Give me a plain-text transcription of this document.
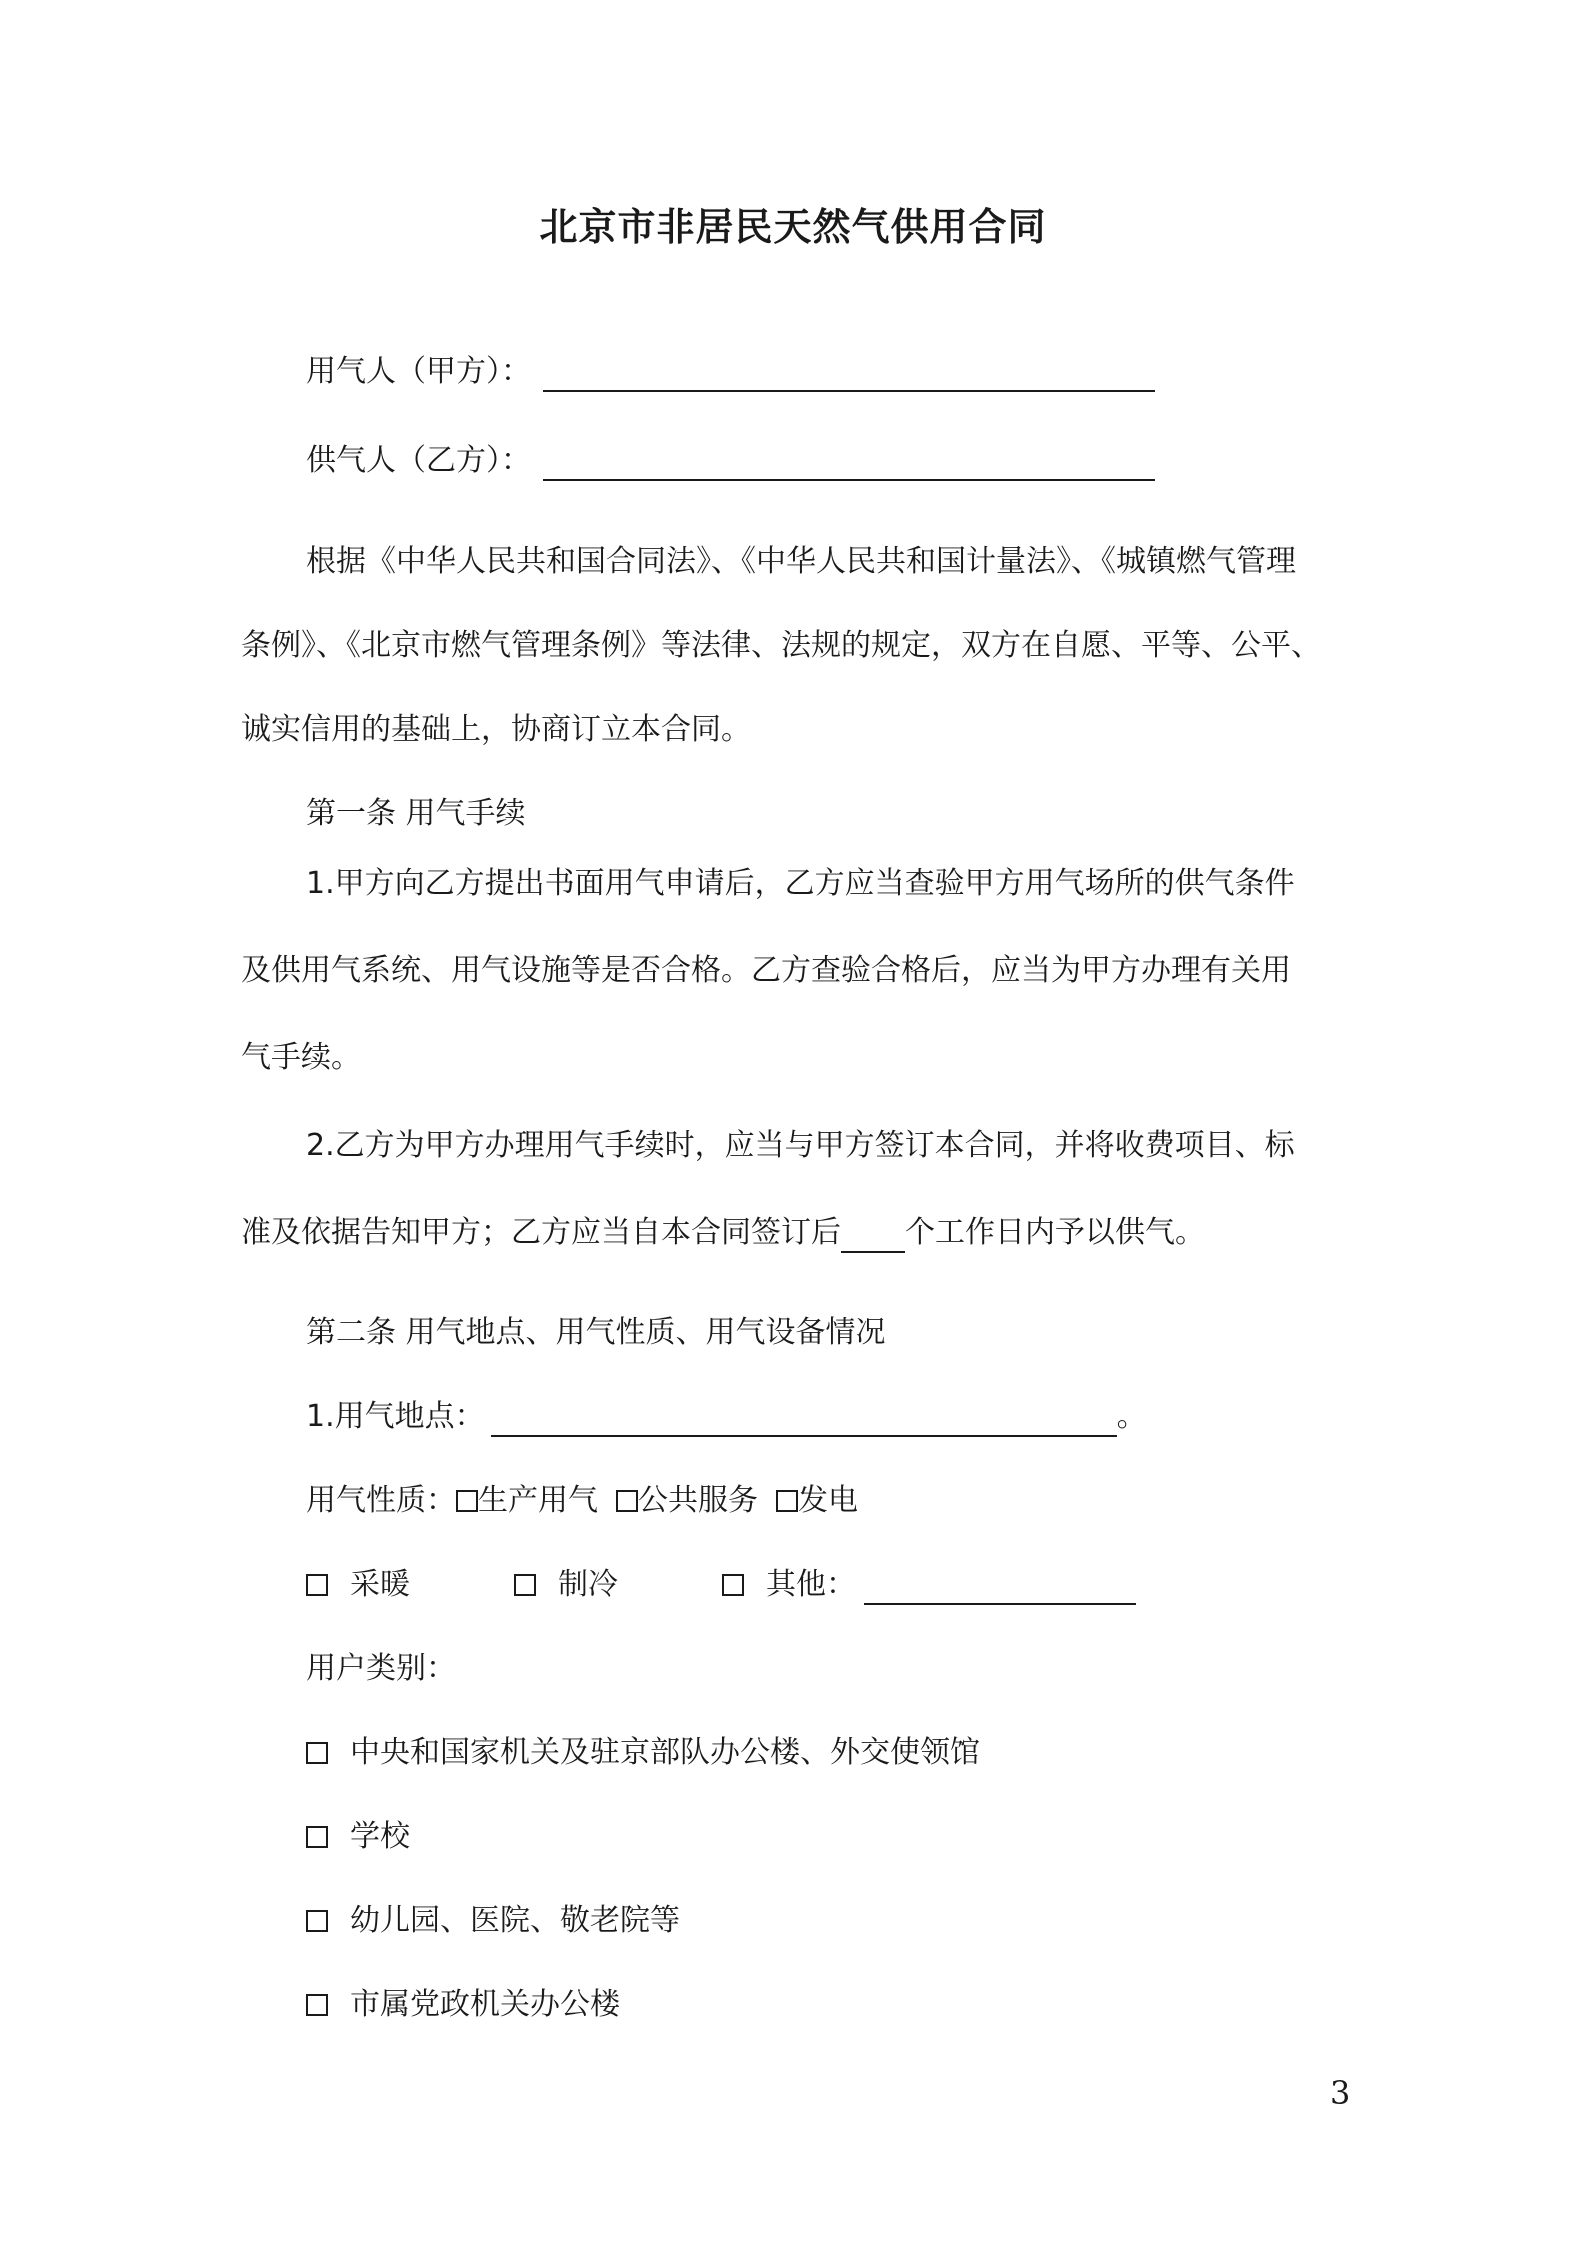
北京市非居民天然气供用合同
用气人（甲方）：
供气人（乙方）：
根据《中华人民共和国合同法》、《中华人民共和国计量法》、《城镇燃气管理
条例》、《北京市燃气管理条例》等法律、法规的规定，双方在自愿、平等、公平、
诚实信用的基础上，协商订立本合同。
第一条 用气手续
1.甲方向乙方提出书面用气申请后，乙方应当查验甲方用气场所的供气条件
及供用气系统、用气设施等是否合格。乙方查验合格后，应当为甲方办理有关用
气手续。
2.乙方为甲方办理用气手续时，应当与甲方签订本合同，并将收费项目、标
准及依据告知甲方；乙方应当自本合同签订后 个工作日内予以供气。
第二条 用气地点、用气性质、用气设备情况
1.用气地点：	。
用气性质： 生产用气 公共服务 发电
采暖	制冷	其他：
用户类别：
中央和国家机关及驻京部队办公楼、外交使领馆
学校
幼儿园、医院、敬老院等
市属党政机关办公楼
3
